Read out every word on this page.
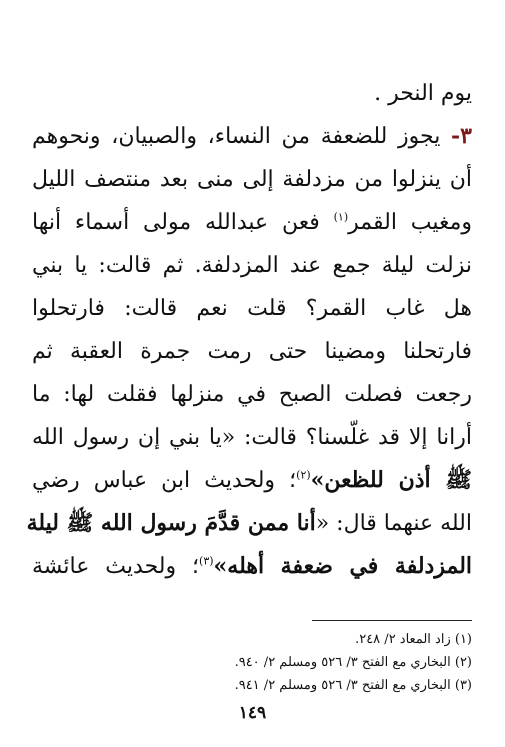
يوم النحر .
٣- يجوز للضعفة من النساء، والصبيان، ونحوهم
أن ينزلوا من مزدلفة إلى منى بعد منتصف الليل
ومغيب القمر$^{(١)}$ فعن عبدالله مولى أسماء أنها
نزلت ليلة جمع عند المزدلفة. ثم قالت: يا بني
هل غاب القمر؟ قلت نعم قالت: فارتحلوا
فارتحلنا ومضينا حتى رمت جمرة العقبة ثم
رجعت فصلت الصبح في منزلها فقلت لها: ما
أرانا إلا قد غلّسنا؟ قالت: «يا بني إن رسول الله
ﷺ أذن للظعن»$^{(٢)}$؛ ولحديث ابن عباس رضي
الله عنهما قال: «أنا ممن قدَّمَ رسول الله ﷺ ليلة
المزدلفة في ضعفة أهله»$^{(٣)}$؛ ولحديث عائشة
(١) زاد المعاد ٢/ ٢٤٨.
(٢) البخاري مع الفتح ٣/ ٥٢٦ ومسلم ٢/ ٩٤٠.
(٣) البخاري مع الفتح ٣/ ٥٢٦ ومسلم ٢/ ٩٤١.
١٤٩
